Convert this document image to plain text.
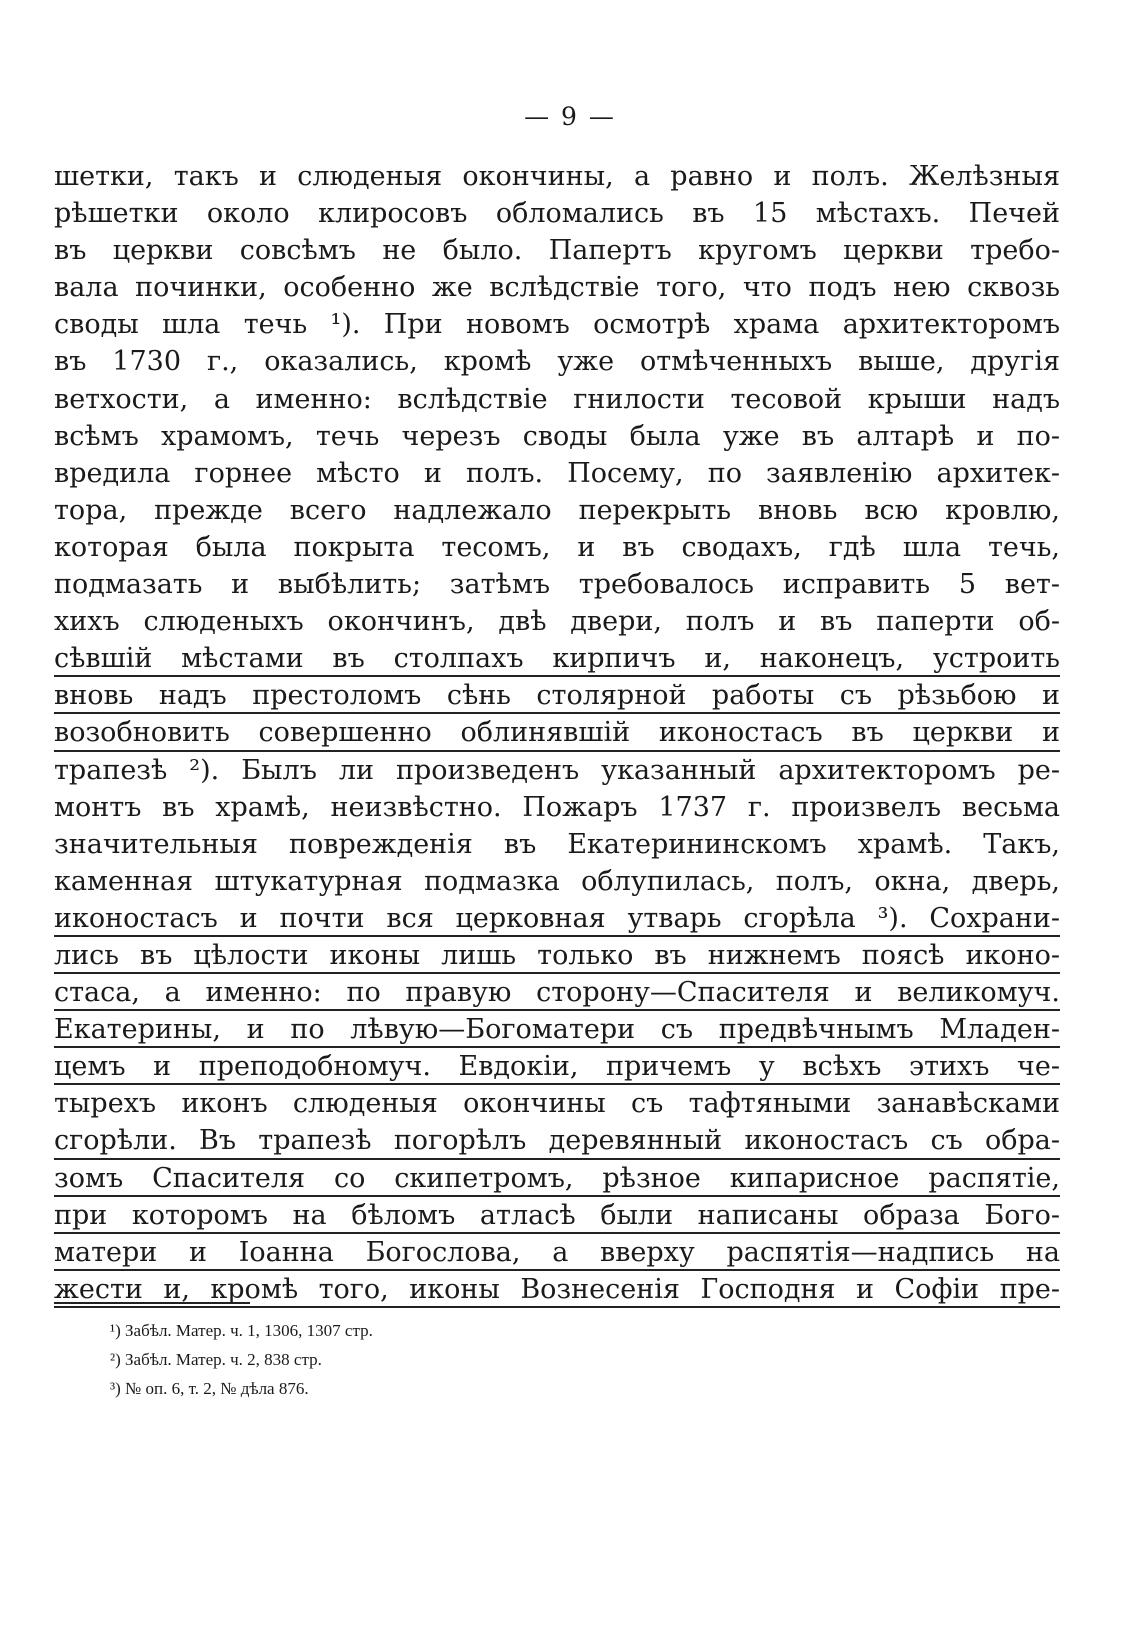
— 9 —
шетки, такъ и слюденыя окончины, а равно и полъ. Желѣзныя
рѣшетки около клиросовъ обломались въ 15 мѣстахъ. Печей
въ церкви совсѣмъ не было. Папертъ кругомъ церкви требо-
вала починки, особенно же вслѣдствіе того, что подъ нею сквозь
своды шла течь ¹). При новомъ осмотрѣ храма архитекторомъ
въ 1730 г., оказались, кромѣ уже отмѣченныхъ выше, другія
ветхости, а именно: вслѣдствіе гнилости тесовой крыши надъ
всѣмъ храмомъ, течь черезъ своды была уже въ алтарѣ и по-
вредила горнее мѣсто и полъ. Посему, по заявленію архитек-
тора, прежде всего надлежало перекрыть вновь всю кровлю,
которая была покрыта тесомъ, и въ сводахъ, гдѣ шла течь,
подмазать и выбѣлить; затѣмъ требовалось исправить 5 вет-
хихъ слюденыхъ окончинъ, двѣ двери, полъ и въ паперти об-
сѣвшій мѣстами въ столпахъ кирпичъ и, наконецъ, устроить
вновь надъ престоломъ сѣнь столярной работы съ рѣзьбою и
возобновить совершенно облинявшій иконостасъ въ церкви и
трапезѣ ²). Былъ ли произведенъ указанный архитекторомъ ре-
монтъ въ храмѣ, неизвѣстно. Пожаръ 1737 г. произвелъ весьма
значительныя поврежденія въ Екатерининскомъ храмѣ. Такъ,
каменная штукатурная подмазка облупилась, полъ, окна, дверь,
иконостасъ и почти вся церковная утварь сгорѣла ³). Сохрани-
лись въ цѣлости иконы лишь только въ нижнемъ поясѣ иконо-
стаса, а именно: по правую сторону—Спасителя и великомуч.
Екатерины, и по лѣвую—Богоматери съ предвѣчнымъ Младен-
цемъ и преподобномуч. Евдокіи, причемъ у всѣхъ этихъ че-
тырехъ иконъ слюденыя окончины съ тафтяными занавѣсками
сгорѣли. Въ трапезѣ погорѣлъ деревянный иконостасъ съ обра-
зомъ Спасителя со скипетромъ, рѣзное кипарисное распятіе,
при которомъ на бѣломъ атласѣ были написаны образа Бого-
матери и Іоанна Богослова, а вверху распятія—надпись на
жести и, кромѣ того, иконы Вознесенія Господня и Софіи пре-
¹) Забѣл. Матер. ч. 1, 1306, 1307 стр.
²) Забѣл. Матер. ч. 2, 838 стр.
³) № оп. 6, т. 2, № дѣла 876.
